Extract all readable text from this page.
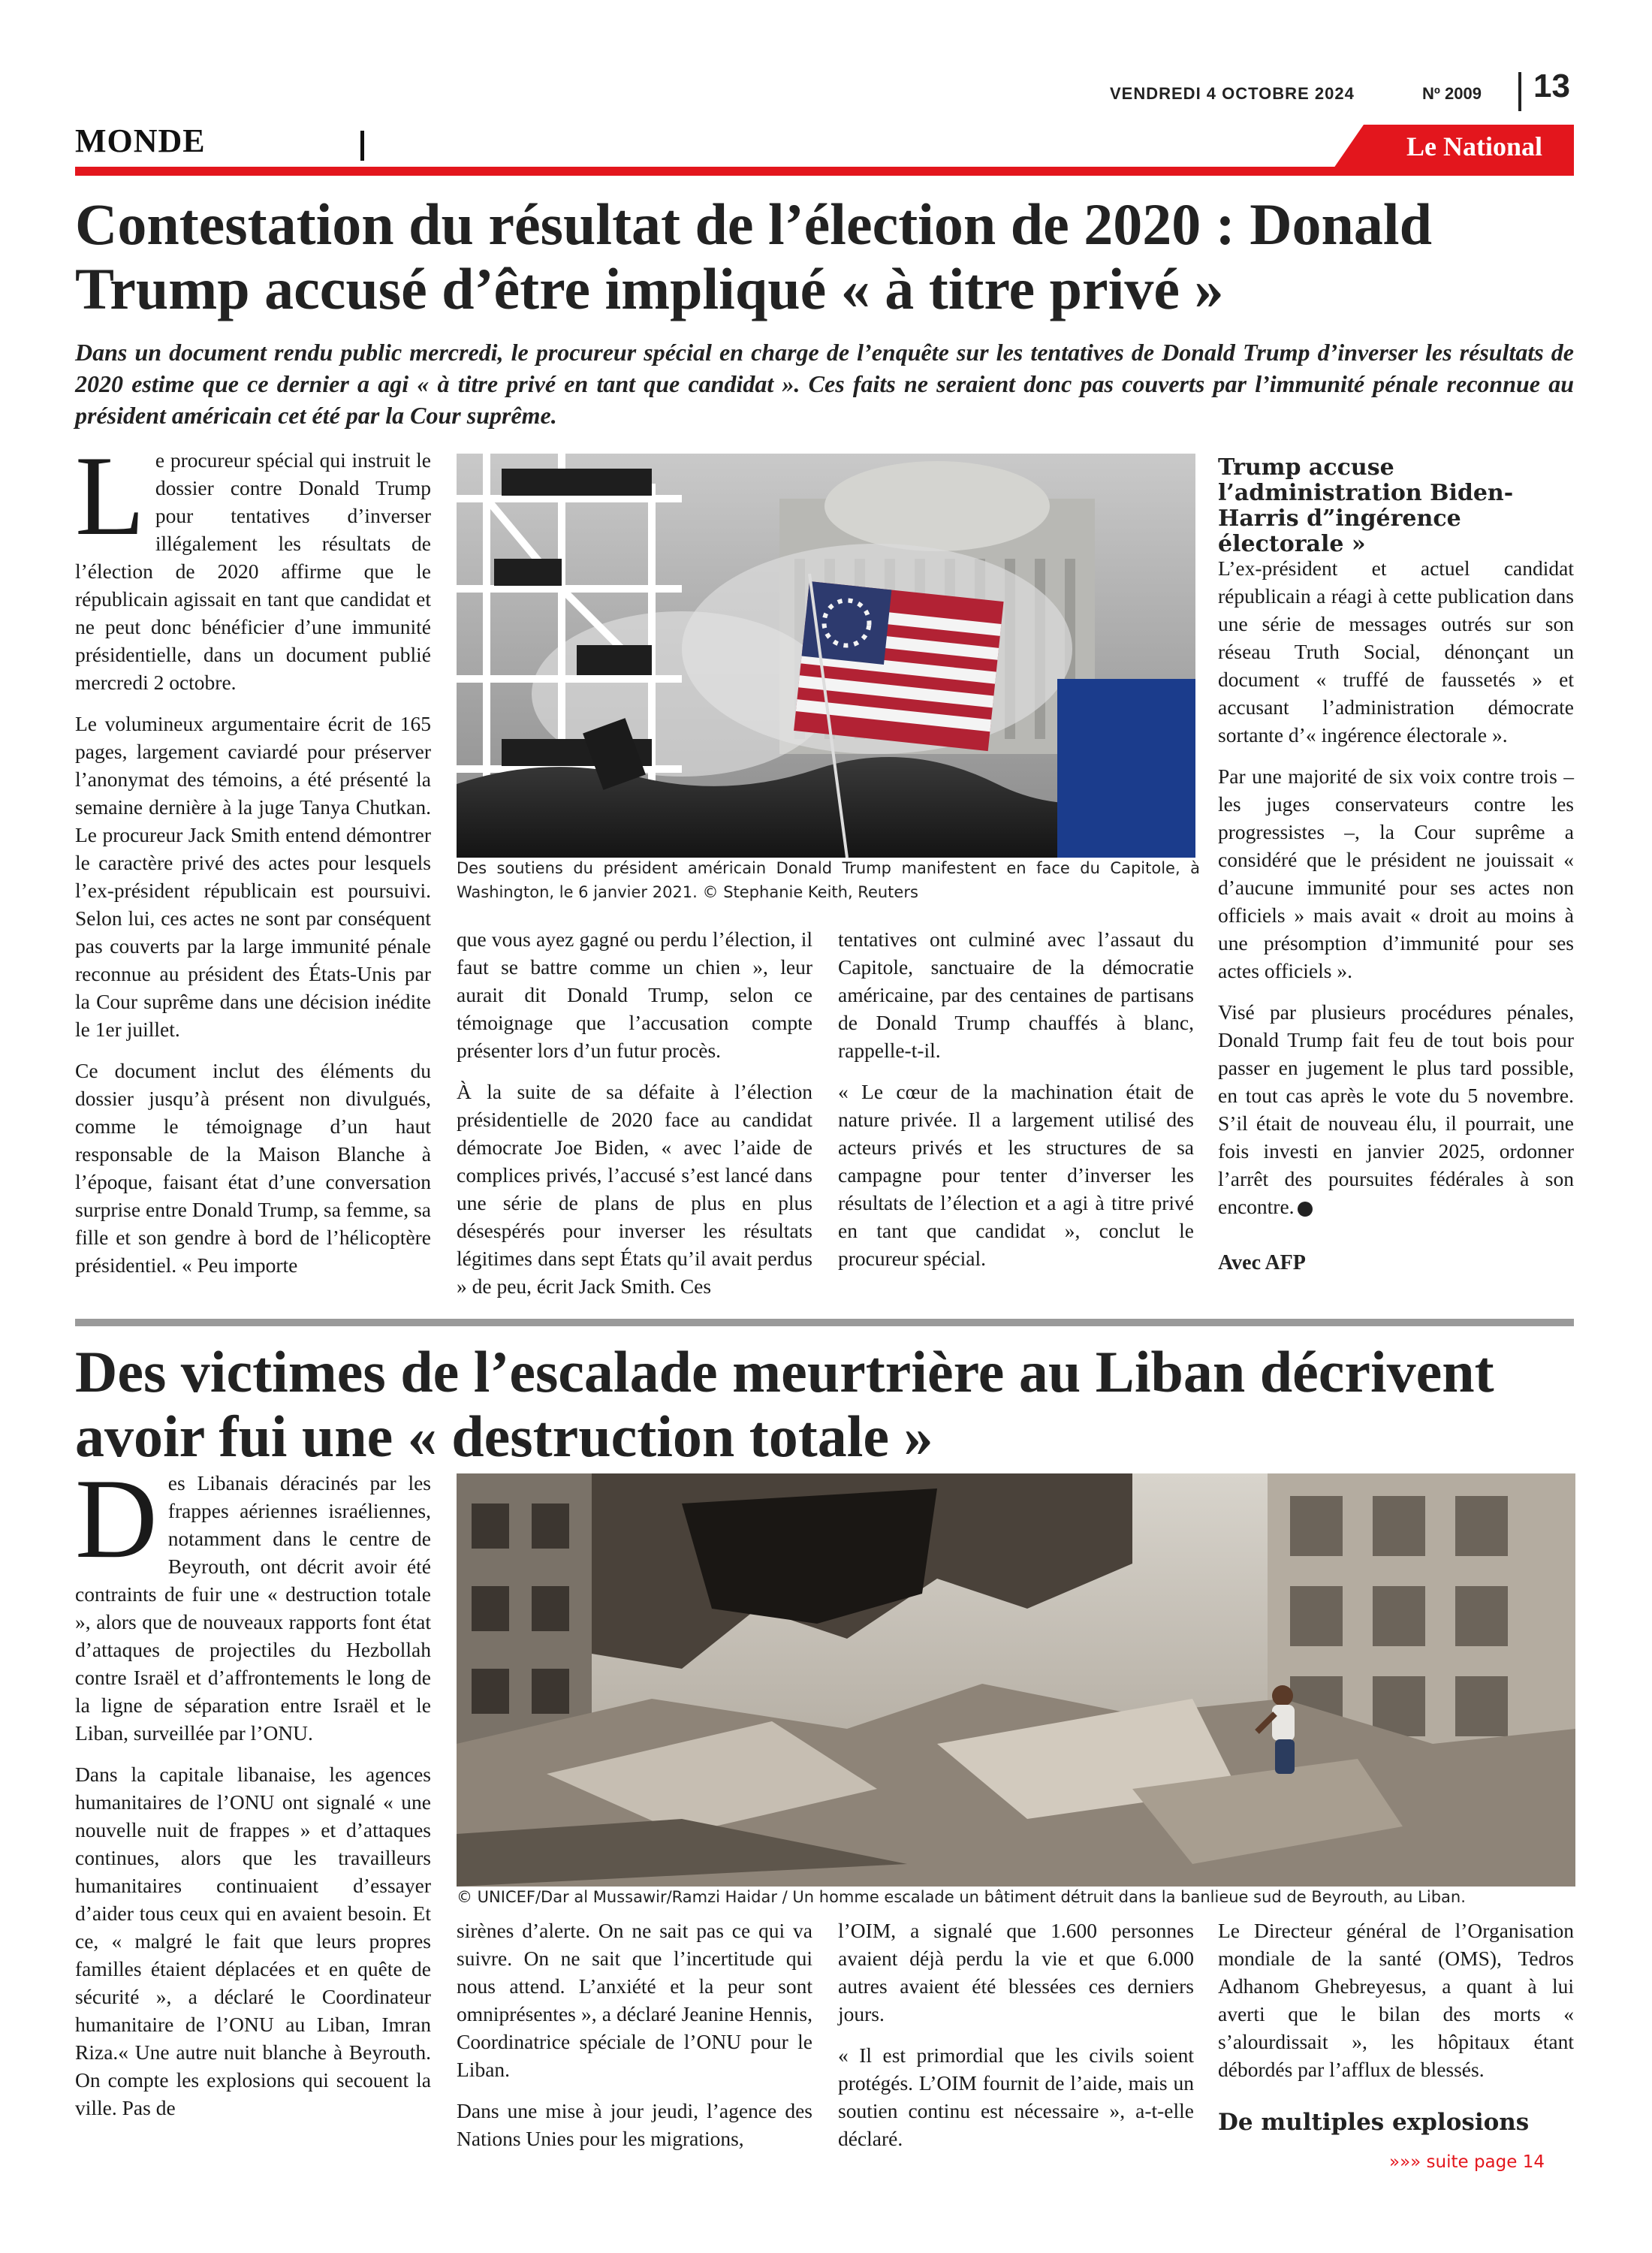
VENDREDI 4 OCTOBRE 2024	Nº 2009 13
MONDE	Le National
Contestation du résultat de l’élection de 2020 : Donald Trump accusé d’être impliqué « à titre privé »
Dans un document rendu public mercredi, le procureur spécial en charge de l’enquête sur les tentatives de Donald Trump d’inverser les résultats de 2020 estime que ce dernier a agi « à titre privé en tant que candidat ». Ces faits ne seraient donc pas couverts par l’immunité pénale reconnue au président américain cet été par la Cour suprême.
L e procureur spécial qui instruit le dossier contre Donald Trump pour tentatives d’inverser illégalement les résultats de l’élection de 2020 affirme que le républicain agissait en tant que candidat et ne peut donc bénéficier d’une immunité présidentielle, dans un document publié mercredi 2 octobre.

Le volumineux argumentaire écrit de 165 pages, largement caviardé pour préserver l’anonymat des témoins, a été présenté la semaine dernière à la juge Tanya Chutkan. Le procureur Jack Smith entend démontrer le caractère privé des actes pour lesquels l’ex-président républicain est poursuivi. Selon lui, ces actes ne sont par conséquent pas couverts par la large immunité pénale reconnue au président des États-Unis par la Cour suprême dans une décision inédite le 1er juillet.

Ce document inclut des éléments du dossier jusqu’à présent non divulgués, comme le témoignage d’un haut responsable de la Maison Blanche à l’époque, faisant état d’une conversation surprise entre Donald Trump, sa femme, sa fille et son gendre à bord de l’hélicoptère présidentiel. « Peu importe

Des soutiens du président américain Donald Trump manifestent en face du Capitole, à Washington, le 6 janvier 2021. © Stephanie Keith, Reuters

que vous ayez gagné ou perdu l’élection, il faut se battre comme un chien », leur aurait dit Donald Trump, selon ce témoignage que l’accusation compte présenter lors d’un futur procès.

À la suite de sa défaite à l’élection présidentielle de 2020 face au candidat démocrate Joe Biden, « avec l’aide de complices privés, l’accusé s’est lancé dans une série de plans de plus en plus désespérés pour inverser les résultats légitimes dans sept États qu’il avait perdus » de peu, écrit Jack Smith. Ces

tentatives ont culminé avec l’assaut du Capitole, sanctuaire de la démocratie américaine, par des centaines de partisans de Donald Trump chauffés à blanc, rappelle-t-il.

« Le cœur de la machination était de nature privée. Il a largement utilisé des acteurs privés et les structures de sa campagne pour tenter d’inverser les résultats de l’élection et a agi à titre privé en tant que candidat », conclut le procureur spécial.

Trump accuse l’administration Biden-Harris d”ingérence électorale »

L’ex-président et actuel candidat républicain a réagi à cette publication dans une série de messages outrés sur son réseau Truth Social, dénonçant un document « truffé de faussetés » et accusant l’administration démocrate sortante d’« ingérence électorale ».

Par une majorité de six voix contre trois – les juges conservateurs contre les progressistes –, la Cour suprême a considéré que le président ne jouissait « d’aucune immunité pour ses actes non officiels » mais avait « droit au moins à une présomption d’immunité pour ses actes officiels ».

Visé par plusieurs procédures pénales, Donald Trump fait feu de tout bois pour passer en jugement le plus tard possible, en tout cas après le vote du 5 novembre. S’il était de nouveau élu, il pourrait, une fois investi en janvier 2025, ordonner l’arrêt des poursuites fédérales à son encontre.

Avec AFP
Des victimes de l’escalade meurtrière au Liban décrivent avoir fui une « destruction totale »
D es Libanais déracinés par les frappes aériennes israéliennes, notamment dans le centre de Beyrouth, ont décrit avoir été contraints de fuir une « destruction totale », alors que de nouveaux rapports font état d’attaques de projectiles du Hezbollah contre Israël et d’affrontements le long de la ligne de séparation entre Israël et le Liban, surveillée par l’ONU.

Dans la capitale libanaise, les agences humanitaires de l’ONU ont signalé « une nouvelle nuit de frappes » et d’attaques continues, alors que les travailleurs humanitaires continuaient d’essayer d’aider tous ceux qui en avaient besoin. Et ce, « malgré le fait que leurs propres familles étaient déplacées et en quête de sécurité », a déclaré le Coordinateur humanitaire de l’ONU au Liban, Imran Riza.« Une autre nuit blanche à Beyrouth. On compte les explosions qui secouent la ville. Pas de

© UNICEF/Dar al Mussawir/Ramzi Haidar / Un homme escalade un bâtiment détruit dans la banlieue sud de Beyrouth, au Liban.

sirènes d’alerte. On ne sait pas ce qui va suivre. On ne sait que l’incertitude qui nous attend. L’anxiété et la peur sont omniprésentes », a déclaré Jeanine Hennis, Coordinatrice spéciale de l’ONU pour le Liban.

Dans une mise à jour jeudi, l’agence des Nations Unies pour les migrations,

l’OIM, a signalé que 1.600 personnes avaient déjà perdu la vie et que 6.000 autres avaient été blessées ces derniers jours.

« Il est primordial que les civils soient protégés. L’OIM fournit de l’aide, mais un soutien continu est nécessaire », a-t-elle déclaré.

Le Directeur général de l’Organisation mondiale de la santé (OMS), Tedros Adhanom Ghebreyesus, a quant à lui averti que le bilan des morts « s’alourdissait », les hôpitaux étant débordés par l’afflux de blessés.

De multiples explosions
»»» suite page 14
